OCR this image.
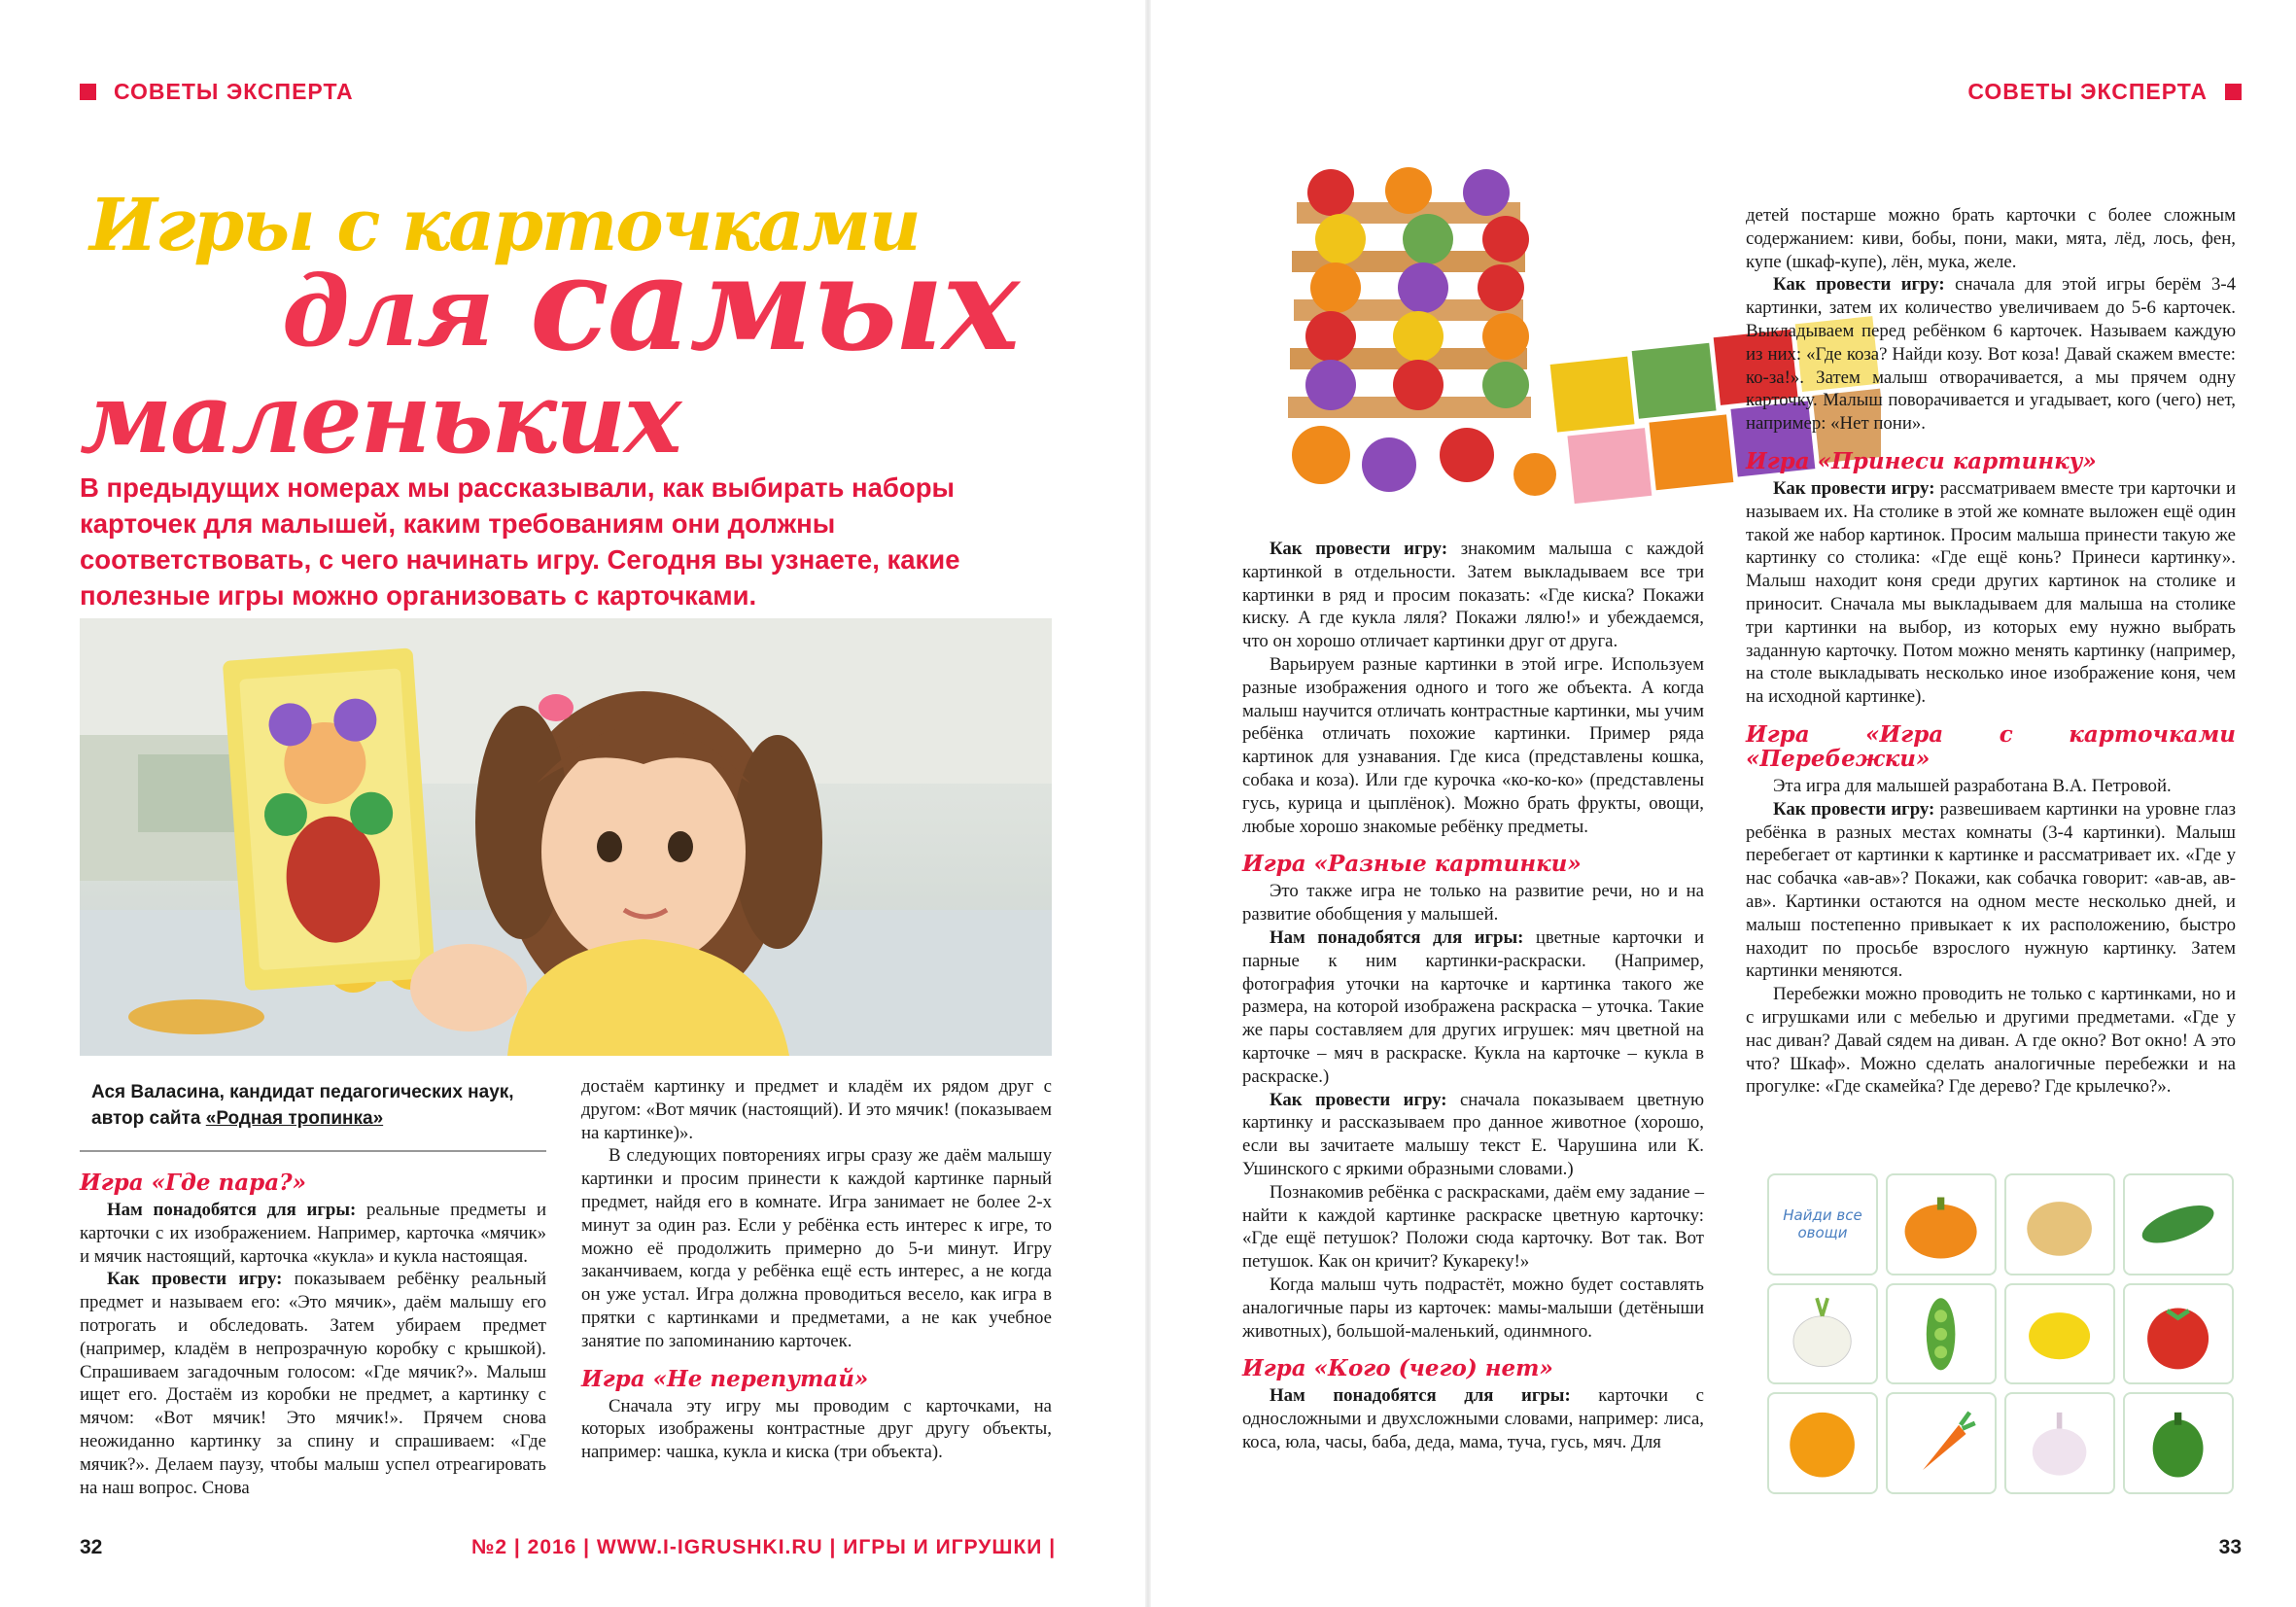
СОВЕТЫ ЭКСПЕРТА
Игры с карточками
для самых
маленьких
В предыдущих номерах мы рассказывали, как выбирать наборы карточек для малышей, каким требованиям они должны соответствовать, с чего начинать игру. Сегодня вы узнаете, какие полезные игры можно организовать с карточками.
Ася Валасина, кандидат педагогических наук, автор сайта «Родная тропинка»
Игра «Где пара?»

Нам понадобятся для игры: реальные предметы и карточки с их изображением. Например, карточка «мячик» и мячик настоящий, карточка «кукла» и кукла настоящая.

Как провести игру: показываем ребёнку реальный предмет и называем его: «Это мячик», даём малышу его потрогать и обследовать. Затем убираем предмет (например, кладём в непрозрачную коробку с крышкой). Спрашиваем загадочным голосом: «Где мячик?». Малыш ищет его. Достаём из коробки не предмет, а картинку с мячом: «Вот мячик! Это мячик!». Прячем снова неожиданно картинку за спину и спрашиваем: «Где мячик?». Делаем паузу, чтобы малыш успел отреагировать на наш вопрос. Снова

достаём картинку и предмет и кладём их рядом друг с другом: «Вот мячик (настоящий). И это мячик! (показываем на картинке)».

В следующих повторениях игры сразу же даём малышу картинки и просим принести к каждой картинке парный предмет, найдя его в комнате. Игра занимает не более 2-х минут за один раз. Если у ребёнка есть интерес к игре, то можно её продолжить примерно до 5-и минут. Игру заканчиваем, когда у ребёнка ещё есть интерес, а не когда он уже устал. Игра должна проводиться весело, как игра в прятки с картинками и предметами, а не как учебное занятие по запоминанию карточек.

Игра «Не перепутай»

Сначала эту игру мы проводим с карточками, на которых изображены контрастные друг другу объекты, например: чашка, кукла и киска (три объекта).

32	№2 | 2016 | WWW.I-IGRUSHKI.RU | ИГРЫ И ИГРУШКИ |
СОВЕТЫ ЭКСПЕРТА

Как провести игру: знакомим малыша с каждой картинкой в отдельности. Затем выкладываем все три картинки в ряд и просим показать: «Где киска? Покажи киску. А где кукла ляля? Покажи лялю!» и убеждаемся, что он хорошо отличает картинки друг от друга.

Варьируем разные картинки в этой игре. Используем разные изображения одного и того же объекта. А когда малыш научится отличать контрастные картинки, мы учим ребёнка отличать похожие картинки. Пример ряда картинок для узнавания. Где киса (представлены кошка, собака и коза). Или где курочка «ко-ко-ко» (представлены гусь, курица и цыплёнок). Можно брать фрукты, овощи, любые хорошо знакомые ребёнку предметы.

Игра «Разные картинки»

Это также игра не только на развитие речи, но и на развитие обобщения у малышей.

Нам понадобятся для игры: цветные карточки и парные к ним картинки-раскраски. (Например, фотография уточки на карточке и картинка такого же размера, на которой изображена раскраска – уточка. Такие же пары составляем для других игрушек: мяч цветной на карточке – мяч в раскраске. Кукла на карточке – кукла в раскраске.)

Как провести игру: сначала показываем цветную картинку и рассказываем про данное животное (хорошо, если вы зачитаете малышу текст Е. Чарушина или К. Ушинского с яркими образными словами.)

Познакомив ребёнка с раскрасками, даём ему задание – найти к каждой картинке раскраске цветную карточку: «Где ещё петушок? Положи сюда карточку. Вот так. Вот петушок. Как он кричит? Кукареку!»

Когда малыш чуть подрастёт, можно будет составлять аналогичные пары из карточек: мамы-малыши (детёныши животных), большой-маленький, одинмного.

Игра «Кого (чего) нет»

Нам понадобятся для игры: карточки с односложными и двухсложными словами, например: лиса, коса, юла, часы, баба, деда, мама, туча, гусь, мяч. Для

детей постарше можно брать карточки с более сложным содержанием: киви, бобы, пони, маки, мята, лёд, лось, фен, купе (шкаф-купе), лён, мука, желе.

Как провести игру: сначала для этой игры берём 3-4 картинки, затем их количество увеличиваем до 5-6 карточек. Выкладываем перед ребёнком 6 карточек. Называем каждую из них: «Где коза? Найди козу. Вот коза! Давай скажем вместе: ко-за!». Затем малыш отворачивается, а мы прячем одну карточку. Малыш поворачивается и угадывает, кого (чего) нет, например: «Нет пони».

Игра «Принеси картинку»

Как провести игру: рассматриваем вместе три карточки и называем их. На столике в этой же комнате выложен ещё один такой же набор картинок. Просим малыша принести такую же картинку со столика: «Где ещё конь? Принеси картинку». Малыш находит коня среди других картинок на столике и приносит. Сначала мы выкладываем для малыша на столике три картинки на выбор, из которых ему нужно выбрать заданную карточку. Потом можно менять картинку (например, на столе выкладывать несколько иное изображение коня, чем на исходной картинке).

Игра «Игра с карточками «Перебежки»

Эта игра для малышей разработана В.А. Петровой.

Как провести игру: развешиваем картинки на уровне глаз ребёнка в разных местах комнаты (3-4 картинки). Малыш перебегает от картинки к картинке и рассматривает их. «Где у нас собачка «ав-ав»? Покажи, как собачка говорит: «ав-ав, ав-ав». Картинки остаются на одном месте несколько дней, и малыш постепенно привыкает к их расположению, быстро находит по просьбе взрослого нужную картинку. Затем картинки меняются.

Перебежки можно проводить не только с картинками, но и с игрушками или с мебелью и другими предметами. «Где у нас диван? Давай сядем на диван. А где окно? Вот окно! А это что? Шкаф». Можно сделать аналогичные перебежки и на прогулке: «Где скамейка? Где дерево? Где крылечко?».

Найди все овощи
33
